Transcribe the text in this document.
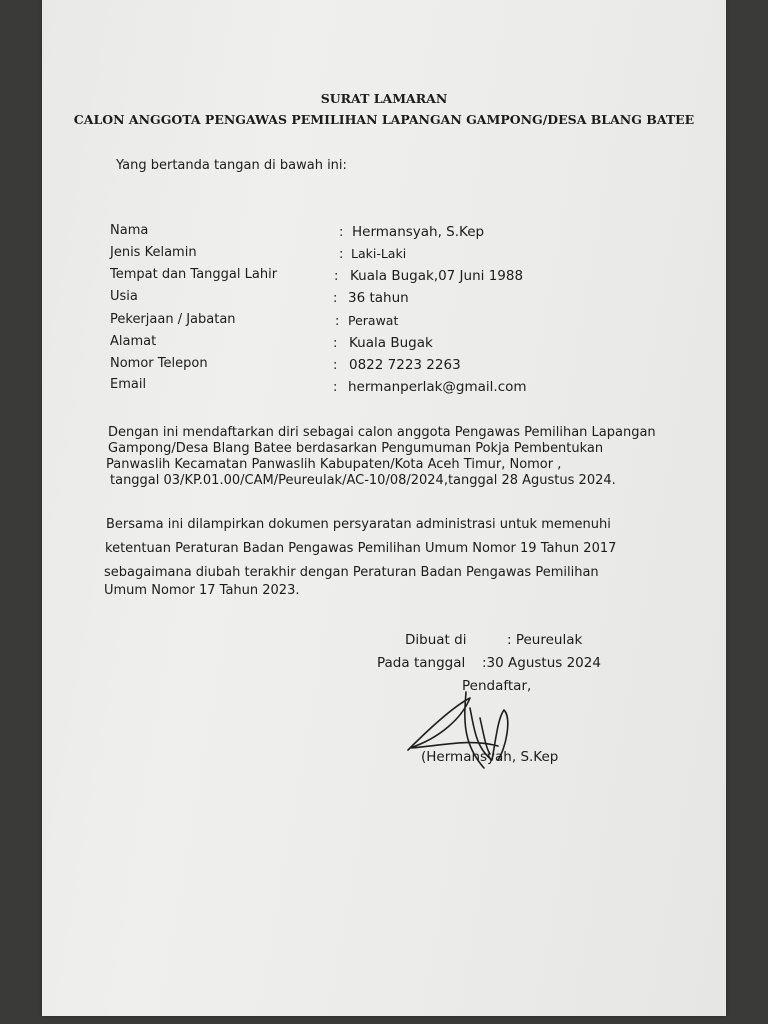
SURAT LAMARAN
CALON ANGGOTA PENGAWAS PEMILIHAN LAPANGAN GAMPONG/DESA BLANG BATEE
Yang bertanda tangan di bawah ini:
Nama	: Hermansyah, S.Kep
Jenis Kelamin	: Laki-Laki
Tempat dan Tanggal Lahir	: Kuala Bugak,07 Juni 1988
Usia	: 36 tahun
Pekerjaan / Jabatan	: Perawat
Alamat	: Kuala Bugak
Nomor Telepon	: 0822 7223 2263
Email	: hermanperlak@gmail.com
Dengan ini mendaftarkan diri sebagai calon anggota Pengawas Pemilihan Lapangan
Gampong/Desa Blang Batee berdasarkan Pengumuman Pokja Pembentukan
Panwaslih Kecamatan Panwaslih Kabupaten/Kota Aceh Timur, Nomor ,
tanggal 03/KP.01.00/CAM/Peureulak/AC-10/08/2024,tanggal 28 Agustus 2024.
Bersama ini dilampirkan dokumen persyaratan administrasi untuk memenuhi
ketentuan Peraturan Badan Pengawas Pemilihan Umum Nomor 19 Tahun 2017
sebagaimana diubah terakhir dengan Peraturan Badan Pengawas Pemilihan
Umum Nomor 17 Tahun 2023.
Dibuat di	: Peureulak
Pada tanggal :30 Agustus 2024
Pendaftar,
(Hermansyah, S.Kep
